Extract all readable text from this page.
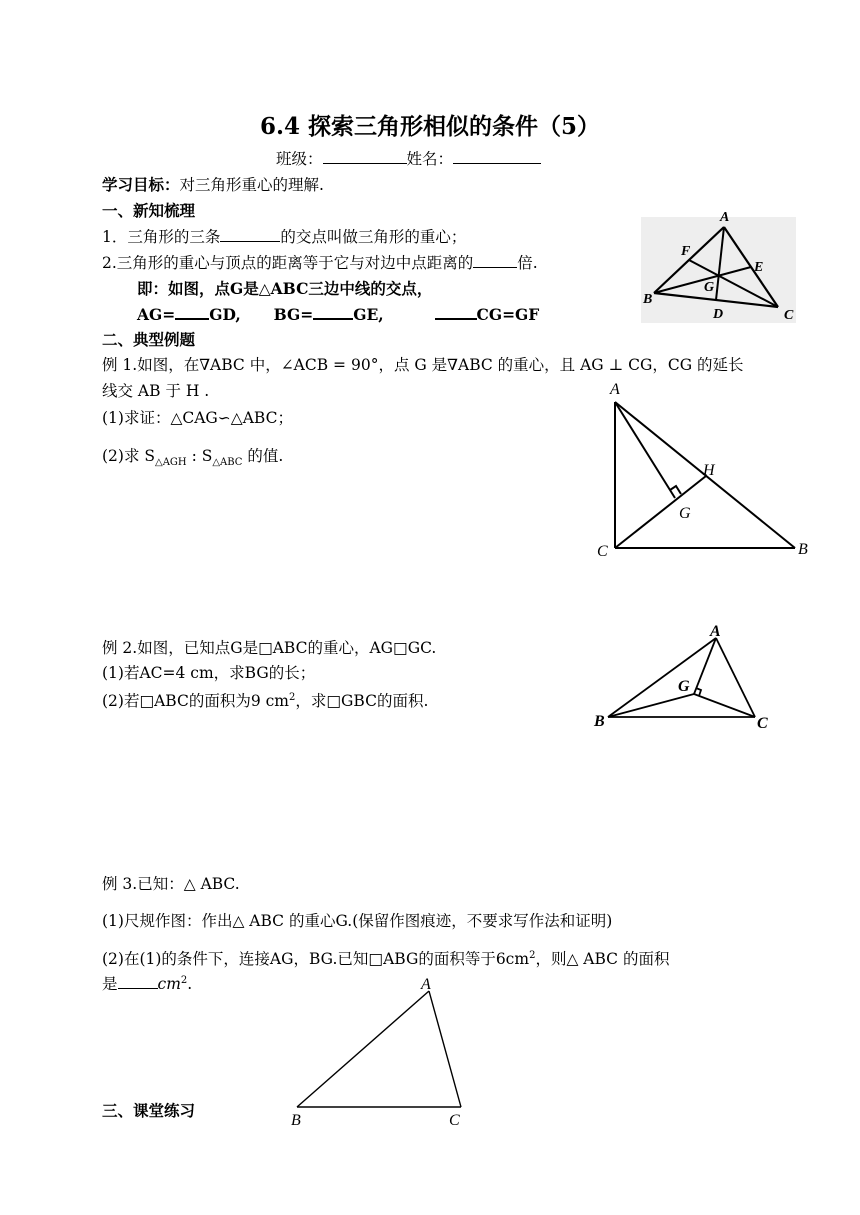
6.4 探索三角形相似的条件（5）
班级：	姓名：
学习目标：对三角形重心的理解.
一、新知梳理
1．三角形的三条	的交点叫做三角形的重心；
2.三角形的重心与顶点的距离等于它与对边中点距离的	倍.
即：如图，点G是△ABC三边中线的交点，
AG= GD, BG=	GE,	CG=GF
A
B
C
D
E
F
G
二、典型例题
例 1.如图，在∇ABC 中，∠ACB = 90°，点 G 是∇ABC 的重心，且 AG ⊥ CG，CG 的延长
线交 AB 于 H .
(1)求证：△CAG∽△ABC；
(2)求 $S_{\triangle AGH}$ : $S_{\triangle ABC}$ 的值.
A
C	B
H
G
例 2.如图，已知点G是□ABC的重心，AG□GC.
(1)若AC=4 cm，求BG的长；
(2)若□ABC的面积为9 $cm^2$，求□GBC的面积.
A
B	C
G
例 3.已知：△ ABC.
(1)尺规作图：作出△ ABC 的重心G.(保留作图痕迹，不要求写作法和证明)
(2)在(1)的条件下，连接AG，BG.已知□ABG的面积等于$6cm^2$，则△ ABC 的面积
是	$cm^2$.	A
B	C
三、课堂练习
